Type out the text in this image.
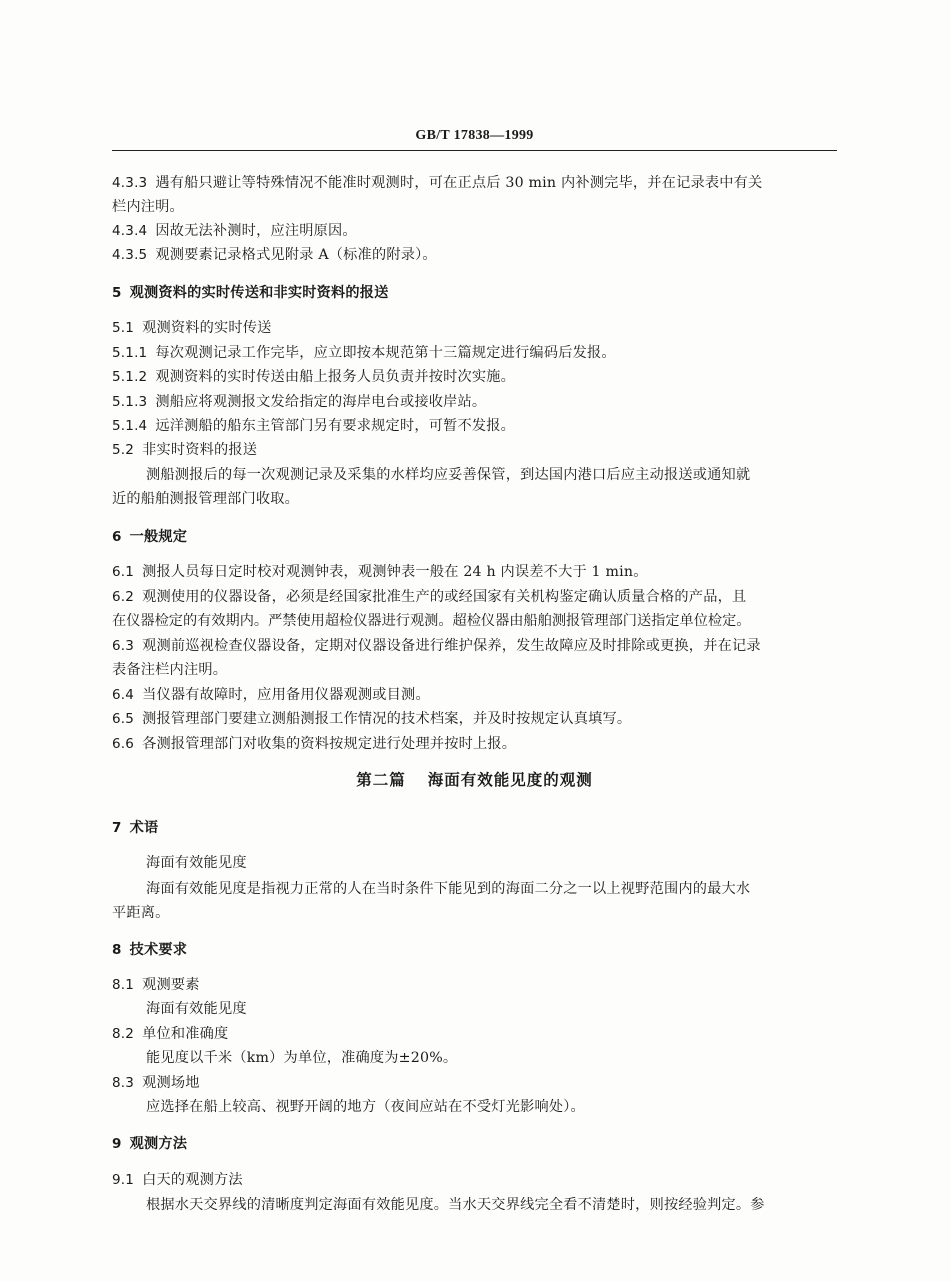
GB/T 17838—1999
4.3.3 遇有船只避让等特殊情况不能准时观测时，可在正点后 30 min 内补测完毕，并在记录表中有关
栏内注明。
4.3.4 因故无法补测时，应注明原因。
4.3.5 观测要素记录格式见附录 A（标准的附录）。
5 观测资料的实时传送和非实时资料的报送
5.1 观测资料的实时传送
5.1.1 每次观测记录工作完毕，应立即按本规范第十三篇规定进行编码后发报。
5.1.2 观测资料的实时传送由船上报务人员负责并按时次实施。
5.1.3 测船应将观测报文发给指定的海岸电台或接收岸站。
5.1.4 远洋测船的船东主管部门另有要求规定时，可暂不发报。
5.2 非实时资料的报送
测船测报后的每一次观测记录及采集的水样均应妥善保管，到达国内港口后应主动报送或通知就
近的船舶测报管理部门收取。
6 一般规定
6.1 测报人员每日定时校对观测钟表，观测钟表一般在 24 h 内误差不大于 1 min。
6.2 观测使用的仪器设备，必须是经国家批准生产的或经国家有关机构鉴定确认质量合格的产品，且
在仪器检定的有效期内。严禁使用超检仪器进行观测。超检仪器由船舶测报管理部门送指定单位检定。
6.3 观测前巡视检查仪器设备，定期对仪器设备进行维护保养，发生故障应及时排除或更换，并在记录
表备注栏内注明。
6.4 当仪器有故障时，应用备用仪器观测或目测。
6.5 测报管理部门要建立测船测报工作情况的技术档案，并及时按规定认真填写。
6.6 各测报管理部门对收集的资料按规定进行处理并按时上报。
第二篇 海面有效能见度的观测
7 术语
海面有效能见度
海面有效能见度是指视力正常的人在当时条件下能见到的海面二分之一以上视野范围内的最大水
平距离。
8 技术要求
8.1 观测要素
海面有效能见度
8.2 单位和准确度
能见度以千米（km）为单位，准确度为±20%。
8.3 观测场地
应选择在船上较高、视野开阔的地方（夜间应站在不受灯光影响处）。
9 观测方法
9.1 白天的观测方法
根据水天交界线的清晰度判定海面有效能见度。当水天交界线完全看不清楚时，则按经验判定。参
